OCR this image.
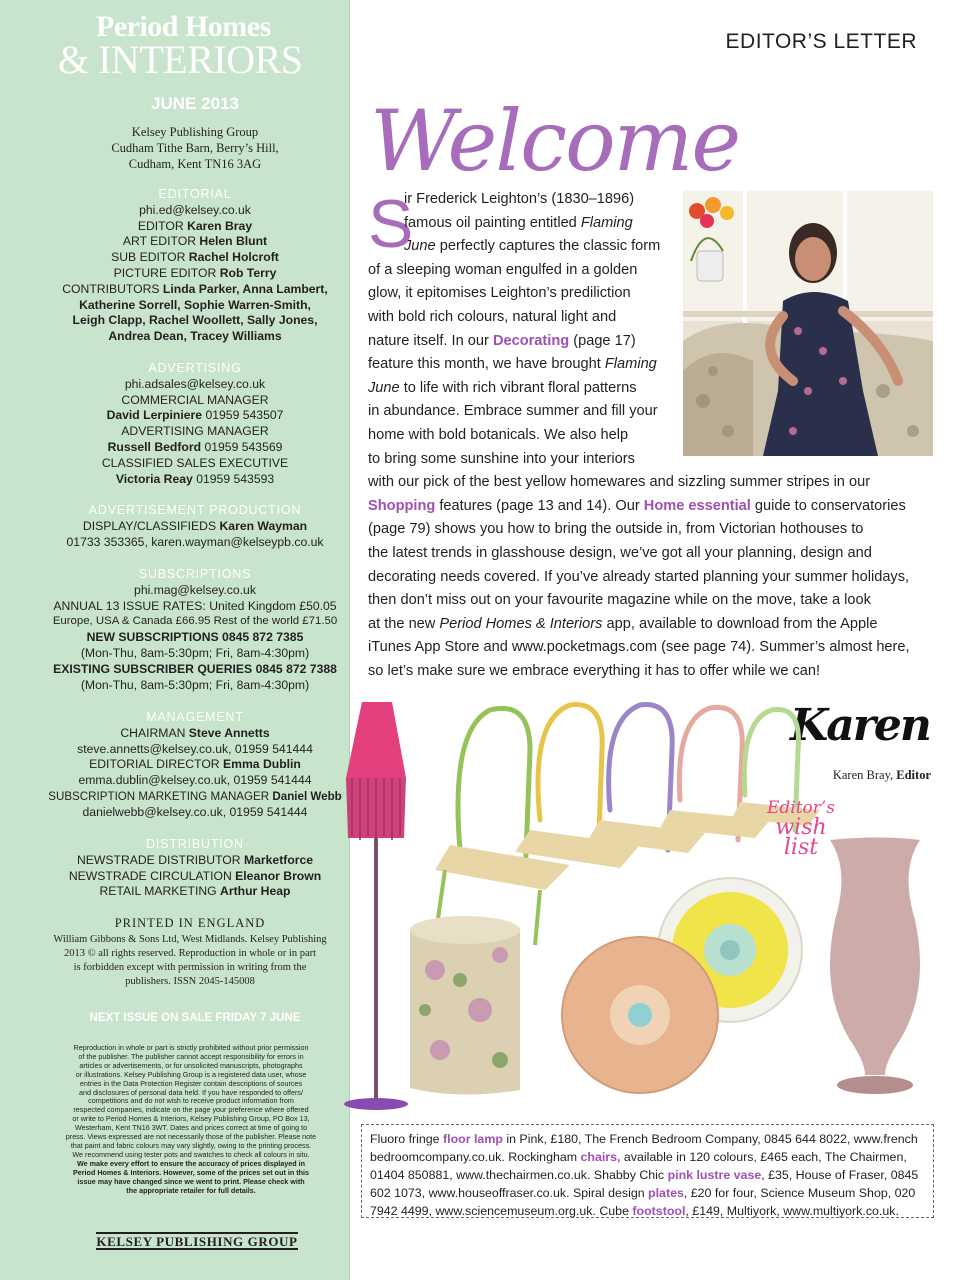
Period Homes
& INTERIORS
JUNE 2013
Kelsey Publishing Group
Cudham Tithe Barn, Berry’s Hill,
Cudham, Kent TN16 3AG
EDITORIAL
phi.ed@kelsey.co.uk
EDITOR Karen Bray
ART EDITOR Helen Blunt
SUB EDITOR Rachel Holcroft
PICTURE EDITOR Rob Terry
CONTRIBUTORS Linda Parker, Anna Lambert,
Katherine Sorrell, Sophie Warren-Smith,
Leigh Clapp, Rachel Woollett, Sally Jones,
Andrea Dean, Tracey Williams
ADVERTISING
phi.adsales@kelsey.co.uk
COMMERCIAL MANAGER
David Lerpiniere 01959 543507
ADVERTISING MANAGER
Russell Bedford 01959 543569
CLASSIFIED SALES EXECUTIVE
Victoria Reay 01959 543593
ADVERTISEMENT PRODUCTION
DISPLAY/CLASSIFIEDS Karen Wayman
01733 353365, karen.wayman@kelseypb.co.uk
SUBSCRIPTIONS
phi.mag@kelsey.co.uk
ANNUAL 13 ISSUE RATES: United Kingdom £50.05
Europe, USA & Canada £66.95 Rest of the world £71.50
NEW SUBSCRIPTIONS 0845 872 7385
(Mon-Thu, 8am-5:30pm; Fri, 8am-4:30pm)
EXISTING SUBSCRIBER QUERIES 0845 872 7388
(Mon-Thu, 8am-5:30pm; Fri, 8am-4:30pm)
MANAGEMENT
CHAIRMAN Steve Annetts
steve.annetts@kelsey.co.uk, 01959 541444
EDITORIAL DIRECTOR Emma Dublin
emma.dublin@kelsey.co.uk, 01959 541444
SUBSCRIPTION MARKETING MANAGER Daniel Webb
danielwebb@kelsey.co.uk, 01959 541444
DISTRIBUTION
NEWSTRADE DISTRIBUTOR Marketforce
NEWSTRADE CIRCULATION Eleanor Brown
RETAIL MARKETING Arthur Heap
PRINTED IN ENGLAND
William Gibbons & Sons Ltd, West Midlands. Kelsey Publishing
2013 © all rights reserved. Reproduction in whole or in part
is forbidden except with permission in writing from the
publishers. ISSN 2045-145008
NEXT ISSUE ON SALE FRIDAY 7 JUNE
Reproduction in whole or part is strictly prohibited without prior permission
of the publisher. The publisher cannot accept responsibility for errors in
articles or advertisements, or for unsolicited manuscripts, photographs
or illustrations. Kelsey Publishing Group is a registered data user, whose
entries in the Data Protection Register contain descriptions of sources
and disclosures of personal data held. If you have responded to offers/
competitions and do not wish to receive product information from
respected companies, indicate on the page your preference where offered
or write to Period Homes & Interiors, Kelsey Publishing Group, PO Box 13,
Westerham, Kent TN16 3WT. Dates and prices correct at time of going to
press. Views expressed are not necessarily those of the publisher. Please note
that paint and fabric colours may vary slightly, owing to the printing process.
We recommend using tester pots and swatches to check all colours in situ.
We make every effort to ensure the accuracy of prices displayed in
Period Homes & Interiors. However, some of the prices set out in this
issue may have changed since we went to print. Please check with
the appropriate retailer for full details.
KELSEY PUBLISHING GROUP
EDITOR’S LETTER
Welcome
S
ir Frederick Leighton’s (1830–1896)
famous oil painting entitled Flaming
June perfectly captures the classic form
of a sleeping woman engulfed in a golden
glow, it epitomises Leighton’s prediliction
with bold rich colours, natural light and
nature itself. In our Decorating (page 17)
feature this month, we have brought Flaming
June to life with rich vibrant floral patterns
in abundance. Embrace summer and fill your
home with bold botanicals. We also help
to bring some sunshine into your interiors
with our pick of the best yellow homewares and sizzling summer stripes in our
Shopping features (page 13 and 14). Our Home essential guide to conservatories
(page 79) shows you how to bring the outside in, from Victorian hothouses to
the latest trends in glasshouse design, we’ve got all your planning, design and
decorating needs covered. If you’ve already started planning your summer holidays,
then don’t miss out on your favourite magazine while on the move, take a look
at the new Period Homes & Interiors app, available to download from the Apple
iTunes App Store and www.pocketmags.com (see page 74). Summer’s almost here,
so let’s make sure we embrace everything it has to offer while we can!
Karen
Karen Bray, Editor
Editor’s
wish
list
Fluoro fringe floor lamp in Pink, £180, The French Bedroom Company, 0845 644 8022, www.french
bedroomcompany.co.uk. Rockingham chairs, available in 120 colours, £465 each, The Chairmen,
01404 850881, www.thechairmen.co.uk. Shabby Chic pink lustre vase, £35, House of Fraser, 0845
602 1073, www.houseoffraser.co.uk. Spiral design plates, £20 for four, Science Museum Shop, 020
7942 4499, www.sciencemuseum.org.uk. Cube footstool, £149, Multiyork, www.multiyork.co.uk.
